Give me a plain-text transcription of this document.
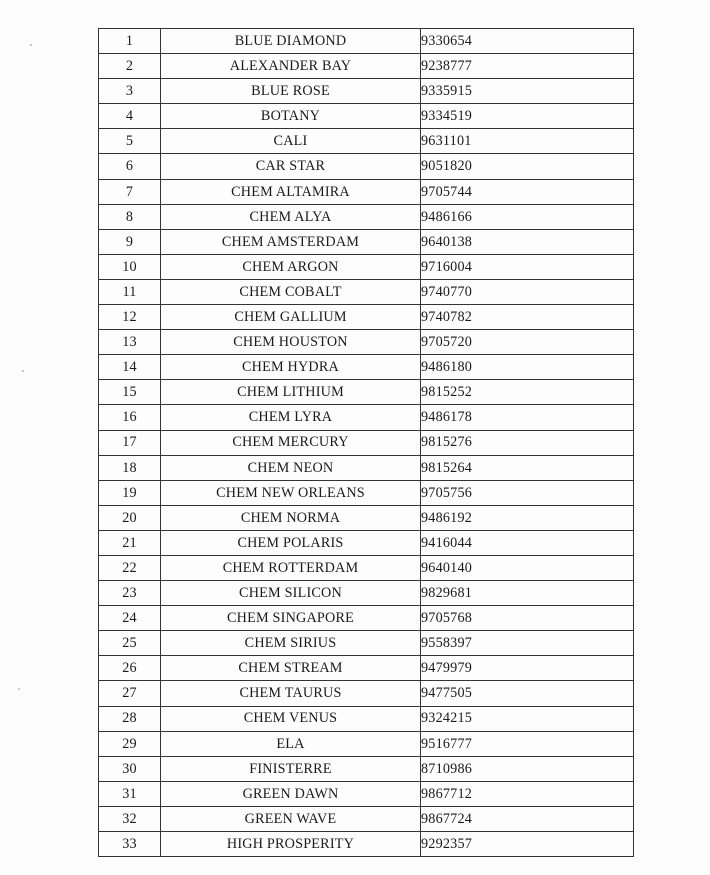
1	BLUE DIAMOND	9330654
2	ALEXANDER BAY	9238777
3	BLUE ROSE	9335915
4	BOTANY	9334519
5	CALI	9631101
6	CAR STAR	9051820
7	CHEM ALTAMIRA	9705744
8	CHEM ALYA	9486166
9	CHEM AMSTERDAM	9640138
10	CHEM ARGON	9716004
11	CHEM COBALT	9740770
12	CHEM GALLIUM	9740782
13	CHEM HOUSTON	9705720
14	CHEM HYDRA	9486180
15	CHEM LITHIUM	9815252
16	CHEM LYRA	9486178
17	CHEM MERCURY	9815276
18	CHEM NEON	9815264
19	CHEM NEW ORLEANS	9705756
20	CHEM NORMA	9486192
21	CHEM POLARIS	9416044
22	CHEM ROTTERDAM	9640140
23	CHEM SILICON	9829681
24	CHEM SINGAPORE	9705768
25	CHEM SIRIUS	9558397
26	CHEM STREAM	9479979
27	CHEM TAURUS	9477505
28	CHEM VENUS	9324215
29	ELA	9516777
30	FINISTERRE	8710986
31	GREEN DAWN	9867712
32	GREEN WAVE	9867724
33	HIGH PROSPERITY	9292357
